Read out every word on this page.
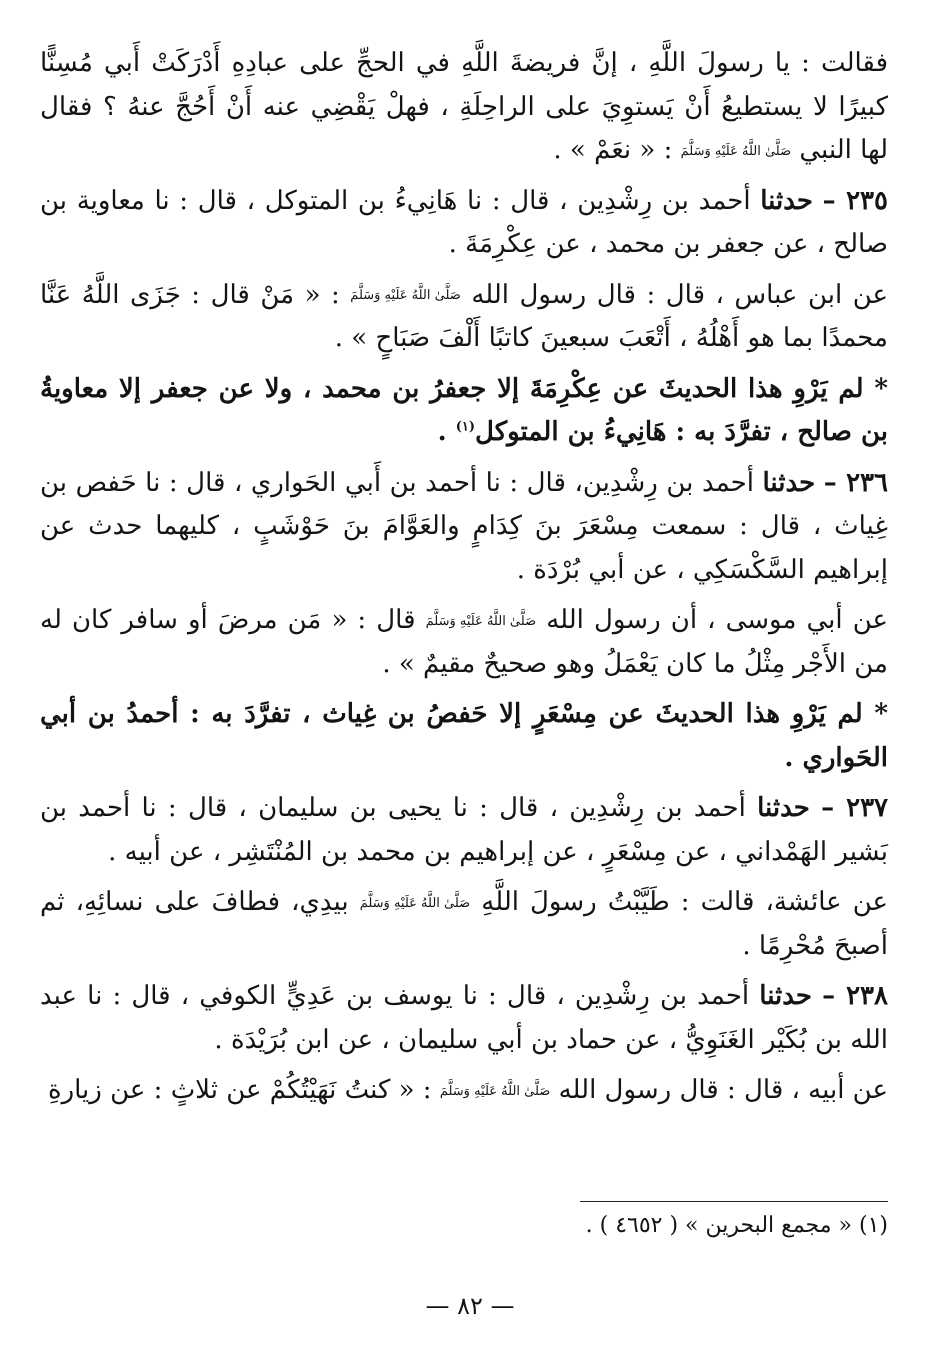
فقالت : يا رسولَ اللَّهِ ، إنَّ فريضةَ اللَّهِ في الحجِّ على عبادِهِ أَدْرَكَتْ أَبي مُسِنًّا كبيرًا لا يستطيعُ أَنْ يَستوِيَ على الراحِلَةِ ، فهلْ يَقْضِي عنه أَنْ أَحُجَّ عنهُ ؟ فقال لها النبي صَلَّىٰ اللَّهُ عَلَيْهِ وَسَلَّمَ : « نعَمْ » .

٢٣٥ – حدثنا أحمد بن رِشْدِين ، قال : نا هَانِيءُ بن المتوكل ، قال : نا معاوية بن صالح ، عن جعفر بن محمد ، عن عِكْرِمَةَ .

عن ابن عباس ، قال : قال رسول الله صَلَّىٰ اللَّهُ عَلَيْهِ وَسَلَّمَ : « مَنْ قال : جَزَى اللَّهُ عَنَّا محمدًا بما هو أَهْلُهُ ، أَتْعَبَ سبعينَ كاتبًا أَلْفَ صَبَاحٍ » .

* لم يَرْوِ هذا الحديثَ عن عِكْرِمَةَ إلا جعفرُ بن محمد ، ولا عن جعفر إلا معاويةُ بن صالح ، تفرَّدَ به : هَانِيءُ بن المتوكل$^{(١)}$ .

٢٣٦ – حدثنا أحمد بن رِشْدِين، قال : نا أحمد بن أَبي الحَواري ، قال : نا حَفص بن غِياث ، قال : سمعت مِسْعَرَ بنَ كِدَامٍ والعَوَّامَ بنَ حَوْشَبٍ ، كليهما حدث عن إبراهيم السَّكْسَكِي ، عن أبي بُرْدَة .

عن أبي موسى ، أن رسول الله صَلَّىٰ اللَّهُ عَلَيْهِ وَسَلَّمَ قال : « مَن مرضَ أو سافر كان له من الأَجْر مِثْلُ ما كان يَعْمَلُ وهو صحيحٌ مقيمٌ » .

* لم يَرْوِ هذا الحديثَ عن مِسْعَرٍ إلا حَفصُ بن غِياث ، تفرَّدَ به : أحمدُ بن أبي الحَواري .

٢٣٧ – حدثنا أحمد بن رِشْدِين ، قال : نا يحيى بن سليمان ، قال : نا أحمد بن بَشير الهَمْداني ، عن مِسْعَرٍ ، عن إبراهيم بن محمد بن المُنْتَشِر ، عن أبيه .

عن عائشة، قالت : طَيَّبْتُ رسولَ اللَّهِ صَلَّىٰ اللَّهُ عَلَيْهِ وَسَلَّمَ بيدِي، فطافَ على نسائِهِ، ثم أصبحَ مُحْرِمًا .

٢٣٨ – حدثنا أحمد بن رِشْدِين ، قال : نا يوسف بن عَدِيٍّ الكوفي ، قال : نا عبد الله بن بُكَيْر الغَنَوِيُّ ، عن حماد بن أبي سليمان ، عن ابن بُرَيْدَة .

عن أبيه ، قال : قال رسول الله صَلَّىٰ اللَّهُ عَلَيْهِ وَسَلَّمَ : « كنتُ نَهَيْتُكُمْ عن ثلاثٍ : عن زيارةِ

(١) « مجمع البحرين » ( ٤٦٥٢ ) .
— ٨٢ —
